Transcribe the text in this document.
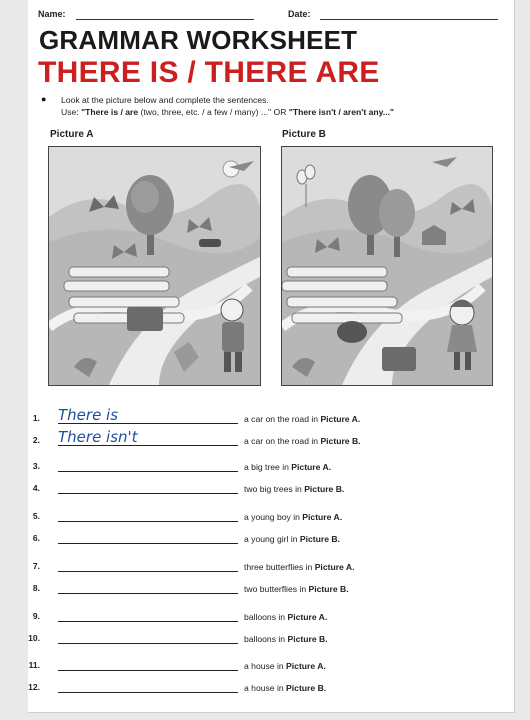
Name:	Date:
GRAMMAR WORKSHEET
THERE IS / THERE ARE
● Look at the picture below and complete the sentences.
Use: "There is / are (two, three, etc. / a few / many) ..." OR "There isn't / aren't any..."
Picture A	Picture B
1. There is	a car on the road in Picture A.
2. There isn't	a car on the road in Picture B.
3.	a big tree in Picture A.
4.	two big trees in Picture B.
5.	a young boy in Picture A.
6.	a young girl in Picture B.
7.	three butterflies in Picture A.
8.	two butterflies in Picture B.
9.	balloons in Picture A.
10.	balloons in Picture B.
11.	a house in Picture A.
12.	a house in Picture B.
